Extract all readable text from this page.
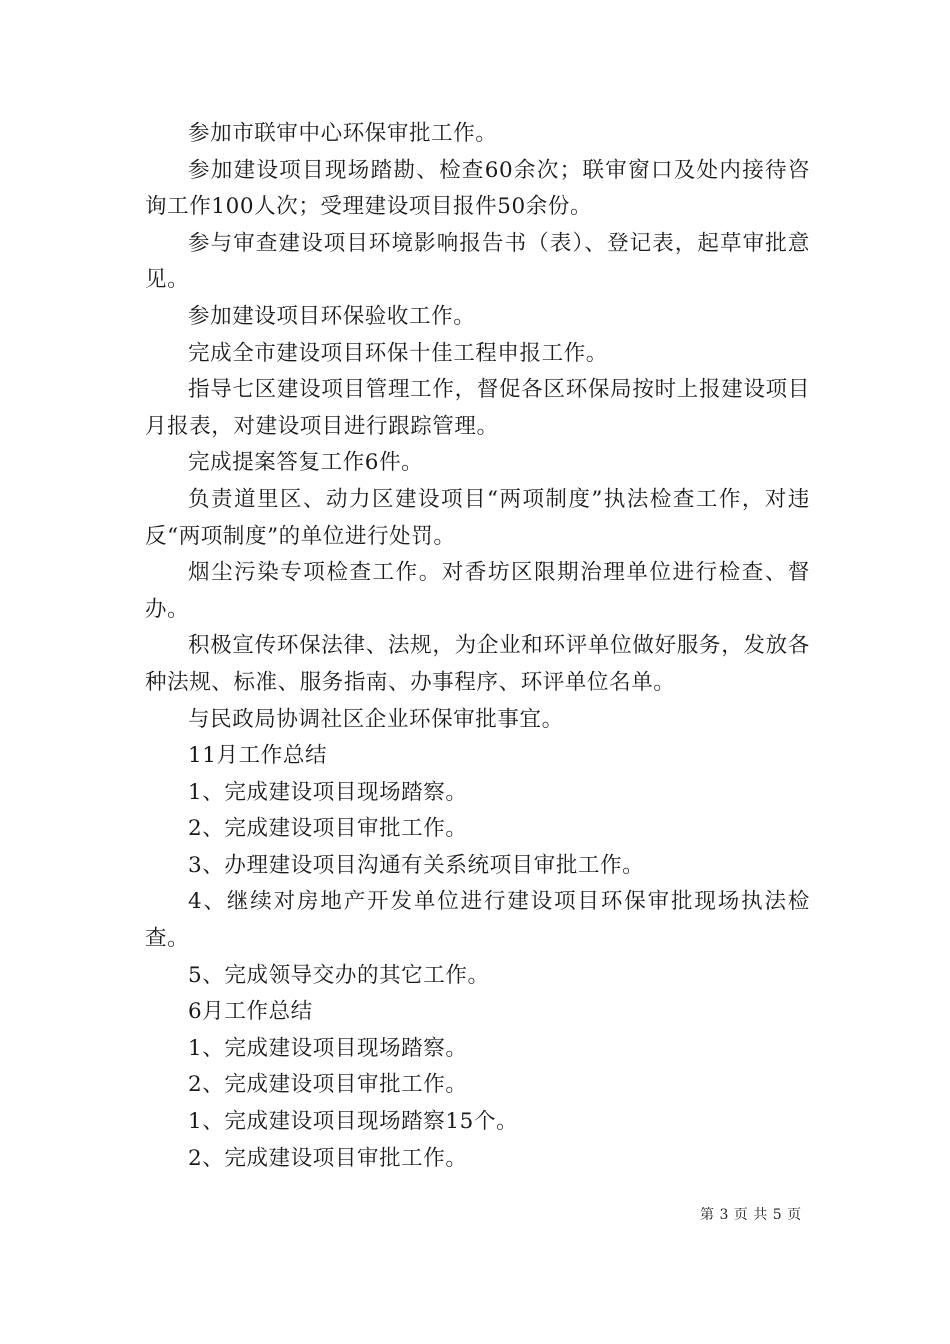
参加市联审中心环保审批工作。

参加建设项目现场踏勘、检查60余次；联审窗口及处内接待咨询工作100人次；受理建设项目报件50余份。

参与审查建设项目环境影响报告书（表）、登记表，起草审批意见。

参加建设项目环保验收工作。

完成全市建设项目环保十佳工程申报工作。

指导七区建设项目管理工作，督促各区环保局按时上报建设项目月报表，对建设项目进行跟踪管理。

完成提案答复工作6件。

负责道里区、动力区建设项目“两项制度”执法检查工作，对违反“两项制度”的单位进行处罚。

烟尘污染专项检查工作。对香坊区限期治理单位进行检查、督办。

积极宣传环保法律、法规，为企业和环评单位做好服务，发放各种法规、标准、服务指南、办事程序、环评单位名单。

与民政局协调社区企业环保审批事宜。

11月工作总结

1、完成建设项目现场踏察。

2、完成建设项目审批工作。

3、办理建设项目沟通有关系统项目审批工作。

4、继续对房地产开发单位进行建设项目环保审批现场执法检查。

5、完成领导交办的其它工作。

6月工作总结

1、完成建设项目现场踏察。

2、完成建设项目审批工作。

1、完成建设项目现场踏察15个。

2、完成建设项目审批工作。

第 3 页 共 5 页
